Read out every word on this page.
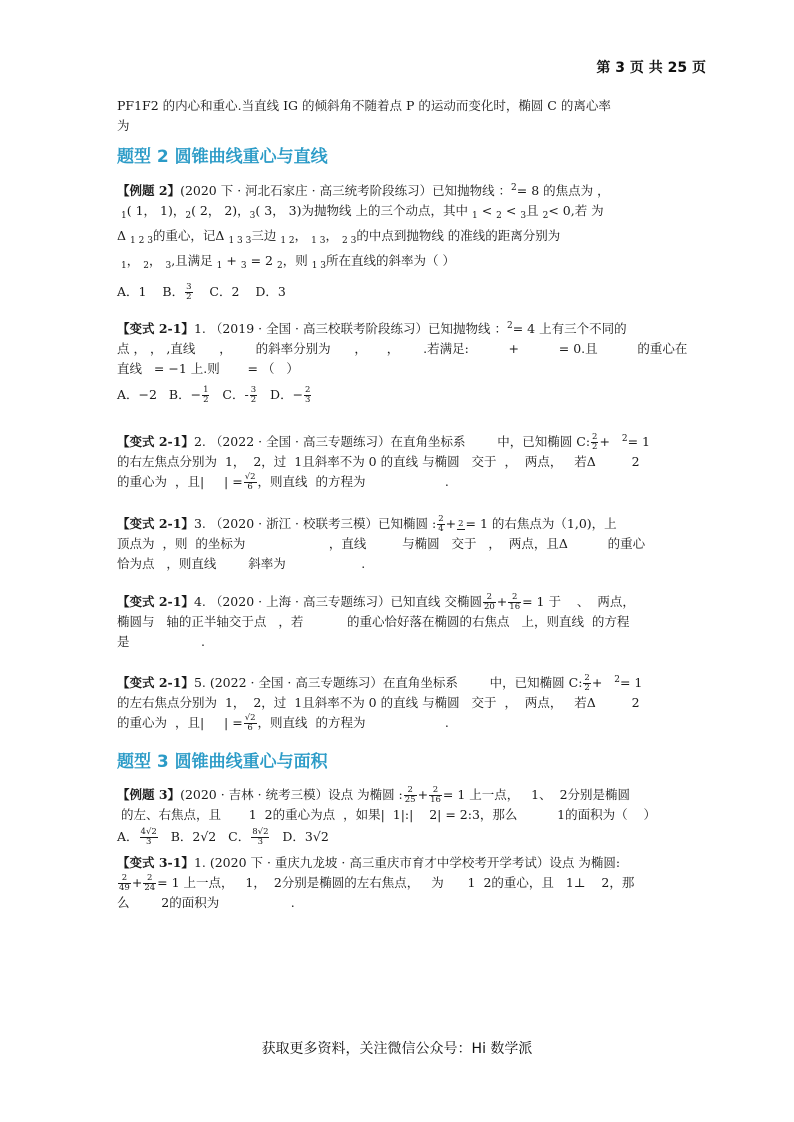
第 3 页 共 25 页

PF1F2 的内心和重心.当直线 IG 的倾斜角不随着点 P 的运动而变化时，椭圆 C 的离心率

为

题型 2 圆锥曲线重心与直线

【例题 2】(2020 下 · 河北石家庄 · 高三统考阶段练习）已知抛物线 ：$^2$= 8 的焦点为 ，

$_1$( 1， 1)，$_2$( 2， 2)，$_3$( 3， 3)为抛物线 上的三个动点，其中 $_1$ < $_2$ < $_3$且 $_2$< 0,若 为

Δ $_{1 2 3}$的重心，记Δ $_{1 3 3}$三边 $_{1 2}$， $_{1 3}$， $_{2 3}$的中点到抛物线 的准线的距离分别为

$_1$， $_2$， $_3$,且满足 $_1$ + $_3$ = 2 $_2$，则 $_{1 3}$所在直线的斜率为（ ）

A．1 B． $\frac{3}{2}$ C．2 D．3

【变式 2-1】1. （2019 · 全国 · 高三校联考阶段练习）已知抛物线 ：$^2$= 4 上有三个不同的

点 ， ， ,直线      ，      的斜率分别为      ，     ，      .若满足:          +          = 0.且          的重心在

直线   = −1 上.则       = （   ）

A．−2 B．− $\frac{1}{2}$ C．- $\frac{3}{2}$ D．− $\frac{2}{3}$

【变式 2-1】2. （2022 · 全国 · 高三专题练习）在直角坐标系        中，已知椭圆 C: $\frac{2}{2} + ^2= 1$

的右左焦点分别为  1，  2，过  1且斜率不为 0 的直线 与椭圆   交于  ，  两点，   若Δ         2

的重心为  ，且|     | = $\frac{√2}{6}$ ，则直线  的方程为                    .

【变式 2-1】3. （2020 · 浙江 · 校联考三模）已知椭圆 : $\frac{2}{4} + 2 = 1$ 的右焦点为（1,0)，上

顶点为  ，则  的坐标为                     ，直线         与椭圆   交于   ，  两点，且Δ          的重心

恰为点   ，则直线        斜率为                   .

【变式 2-1】4. （2020 · 上海 · 高三专题练习）已知直线 交椭圆 $\frac{2}{20} + \frac{2}{16} = 1$ 于    、  两点，

椭圆与   轴的正半轴交于点   ，若           的重心恰好落在椭圆的右焦点   上，则直线  的方程

是                  .

【变式 2-1】5. (2022 · 全国 · 高三专题练习）在直角坐标系        中，已知椭圆 C: $\frac{2}{2} + ^2= 1$

的左右焦点分别为  1，  2，过  1且斜率不为 0 的直线 与椭圆   交于  ，  两点，   若Δ         2

的重心为  ，且|     | = $\frac{√2}{6}$ ，则直线  的方程为                    .

题型 3 圆锥曲线重心与面积

【例题 3】(2020 · 吉林 · 统考三模）设点 为椭圆 : $\frac{2}{25} + \frac{2}{16} = 1$ 上一点，   1、  2分别是椭圆

的左、右焦点，且       1  2的重心为点  ，如果|  1|:|    2| = 2:3，那么          1的面积为（    ）

A． $\frac{4√2}{3}$ B．2√2 C． $\frac{8√2}{3}$ D．3√2

【变式 3-1】1. (2020 下 · 重庆九龙坡 · 高三重庆市育才中学校考开学考试）设点 为椭圆:

$\frac{2}{49} + \frac{2}{24} = 1$ 上一点，   1，  2分别是椭圆的左右焦点，   为      1  2的重心，且   1⊥    2，那

么        2的面积为                  .

获取更多资料，关注微信公众号：Hi 数学派
